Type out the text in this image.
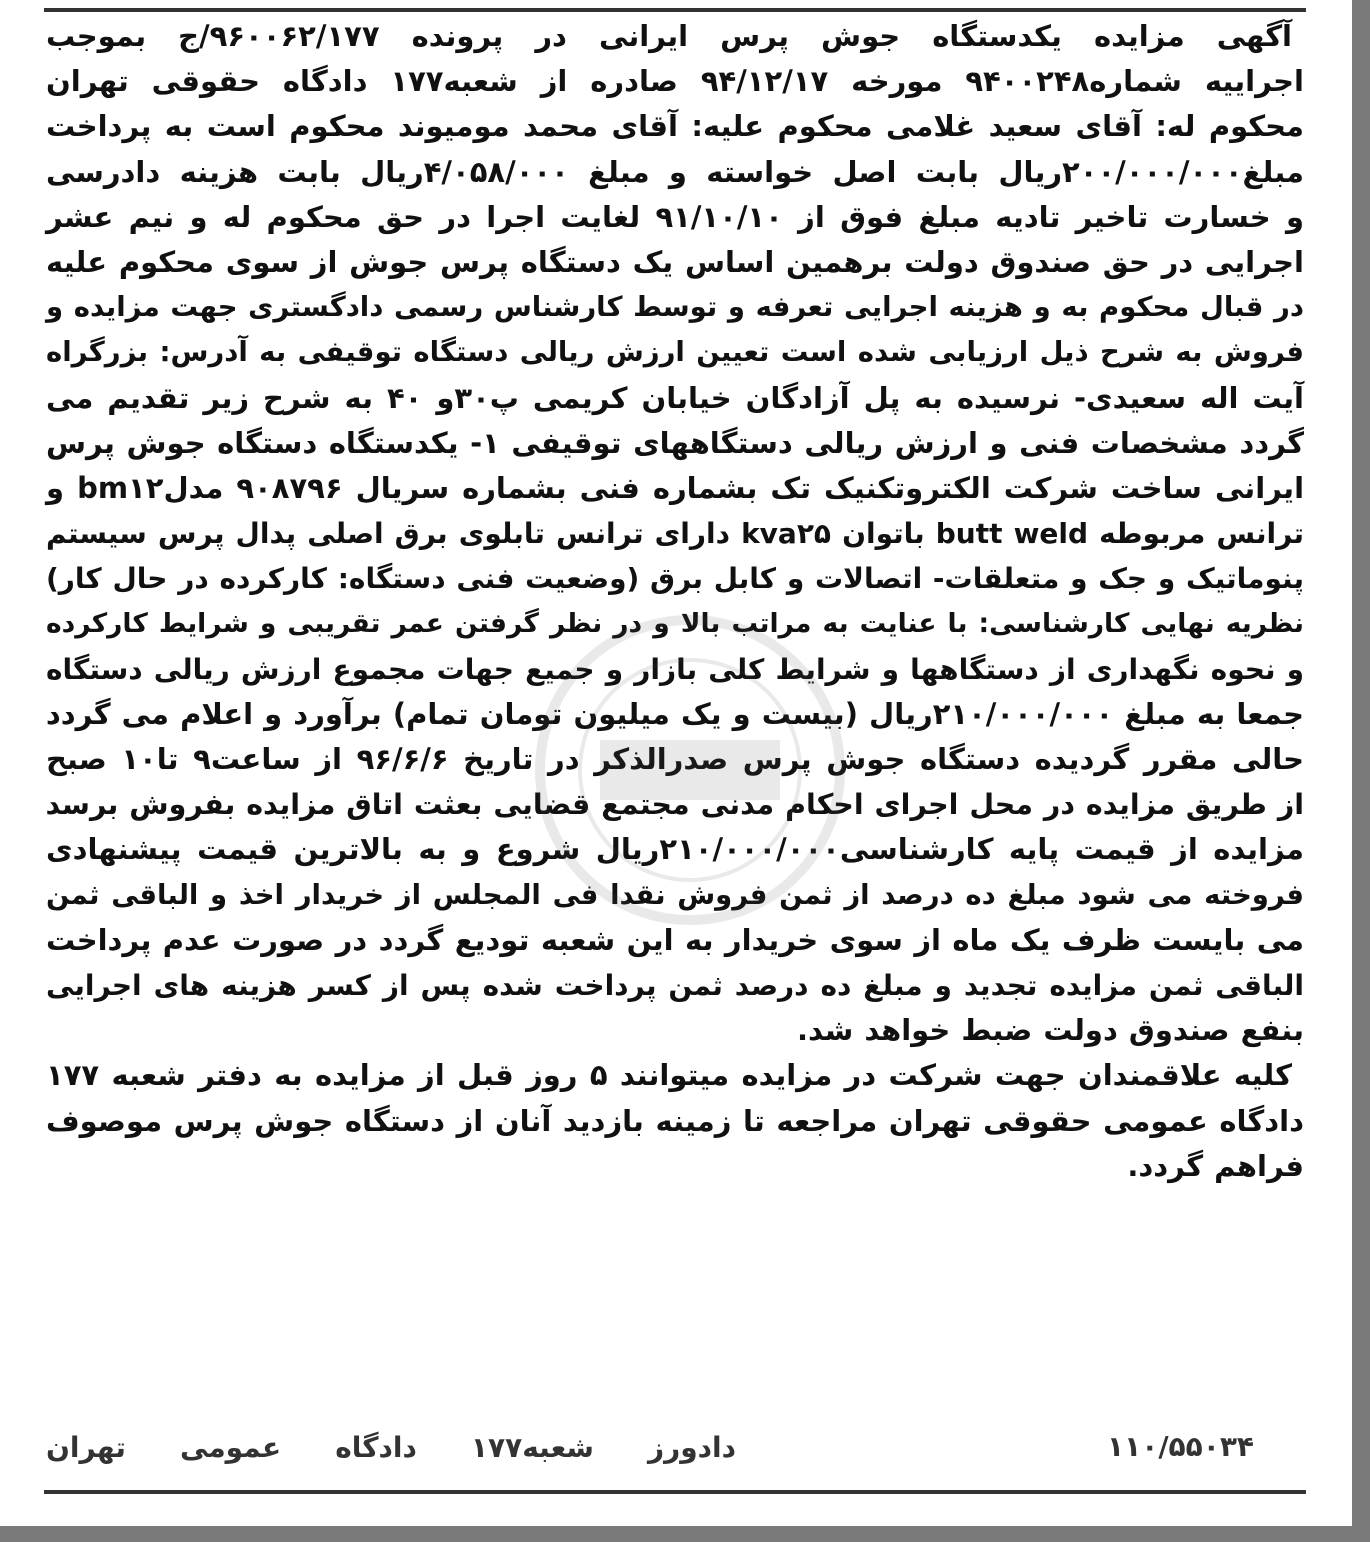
آگهی مزایده یکدستگاه جوش پرس ایرانی در پرونده ۹۶۰۰۶۲/۱۷۷/ج بموجب
اجراییه شماره۹۴۰۰۲۴۸ مورخه ۹۴/۱۲/۱۷ صادره از شعبه۱۷۷ دادگاه حقوقی تهران
محکوم له: آقای سعید غلامی محکوم علیه: آقای محمد مومیوند محکوم است به پرداخت
مبلغ۲۰۰/۰۰۰/۰۰۰ریال بابت اصل خواسته و مبلغ ۴/۰۵۸/۰۰۰ریال بابت هزینه دادرسی
و خسارت تاخیر تادیه مبلغ فوق از ۹۱/۱۰/۱۰ لغایت اجرا در حق محکوم له و نیم عشر
اجرایی در حق صندوق دولت برهمین اساس یک دستگاه پرس جوش از سوی محکوم علیه
در قبال محکوم به و هزینه اجرایی تعرفه و توسط کارشناس رسمی دادگستری جهت مزایده و
فروش به شرح ذیل ارزیابی شده است تعیین ارزش ریالی دستگاه توقیفی به آدرس: بزرگراه
آیت اله سعیدی- نرسیده به پل آزادگان خیابان کریمی پ۳۰و ۴۰ به شرح زیر تقدیم می
گردد مشخصات فنی و ارزش ریالی دستگاههای توقیفی ۱- یکدستگاه دستگاه جوش پرس
ایرانی ساخت شرکت الکتروتکنیک تک بشماره فنی بشماره سریال ۹۰۸۷۹۶ مدلbm۱۲ و
ترانس مربوطه butt weld باتوان kva۲۵ دارای ترانس تابلوی برق اصلی پدال پرس سیستم
پنوماتیک و جک و متعلقات- اتصالات و کابل برق (وضعیت فنی دستگاه: کارکرده در حال کار)
نظریه نهایی کارشناسی: با عنایت به مراتب بالا و در نظر گرفتن عمر تقریبی و شرایط کارکرده
و نحوه نگهداری از دستگاهها و شرایط کلی بازار و جمیع جهات مجموع ارزش ریالی دستگاه
جمعا به مبلغ ۲۱۰/۰۰۰/۰۰۰ریال (بیست و یک میلیون تومان تمام) برآورد و اعلام می گردد
حالی مقرر گردیده دستگاه جوش پرس صدرالذکر در تاریخ ۹۶/۶/۶ از ساعت۹ تا۱۰ صبح
از طریق مزایده در محل اجرای احکام مدنی مجتمع قضایی بعثت اتاق مزایده بفروش برسد
مزایده از قیمت پایه کارشناسی۲۱۰/۰۰۰/۰۰۰ریال شروع و به بالاترین قیمت پیشنهادی
فروخته می شود مبلغ ده درصد از ثمن فروش نقدا فی المجلس از خریدار اخذ و الباقی ثمن
می بایست ظرف یک ماه از سوی خریدار به این شعبه تودیع گردد در صورت عدم پرداخت
الباقی ثمن مزایده تجدید و مبلغ ده درصد ثمن پرداخت شده پس از کسر هزینه های اجرایی
بنفع صندوق دولت ضبط خواهد شد.
کلیه علاقمندان جهت شرکت در مزایده میتوانند ۵ روز قبل از مزایده به دفتر شعبه ۱۷۷
دادگاه عمومی حقوقی تهران مراجعه تا زمینه بازدید آنان از دستگاه جوش پرس موصوف
فراهم گردد.
دادورز
شعبه۱۷۷
دادگاه
عمومی
تهران	۱۱۰/۵۵۰۳۴
